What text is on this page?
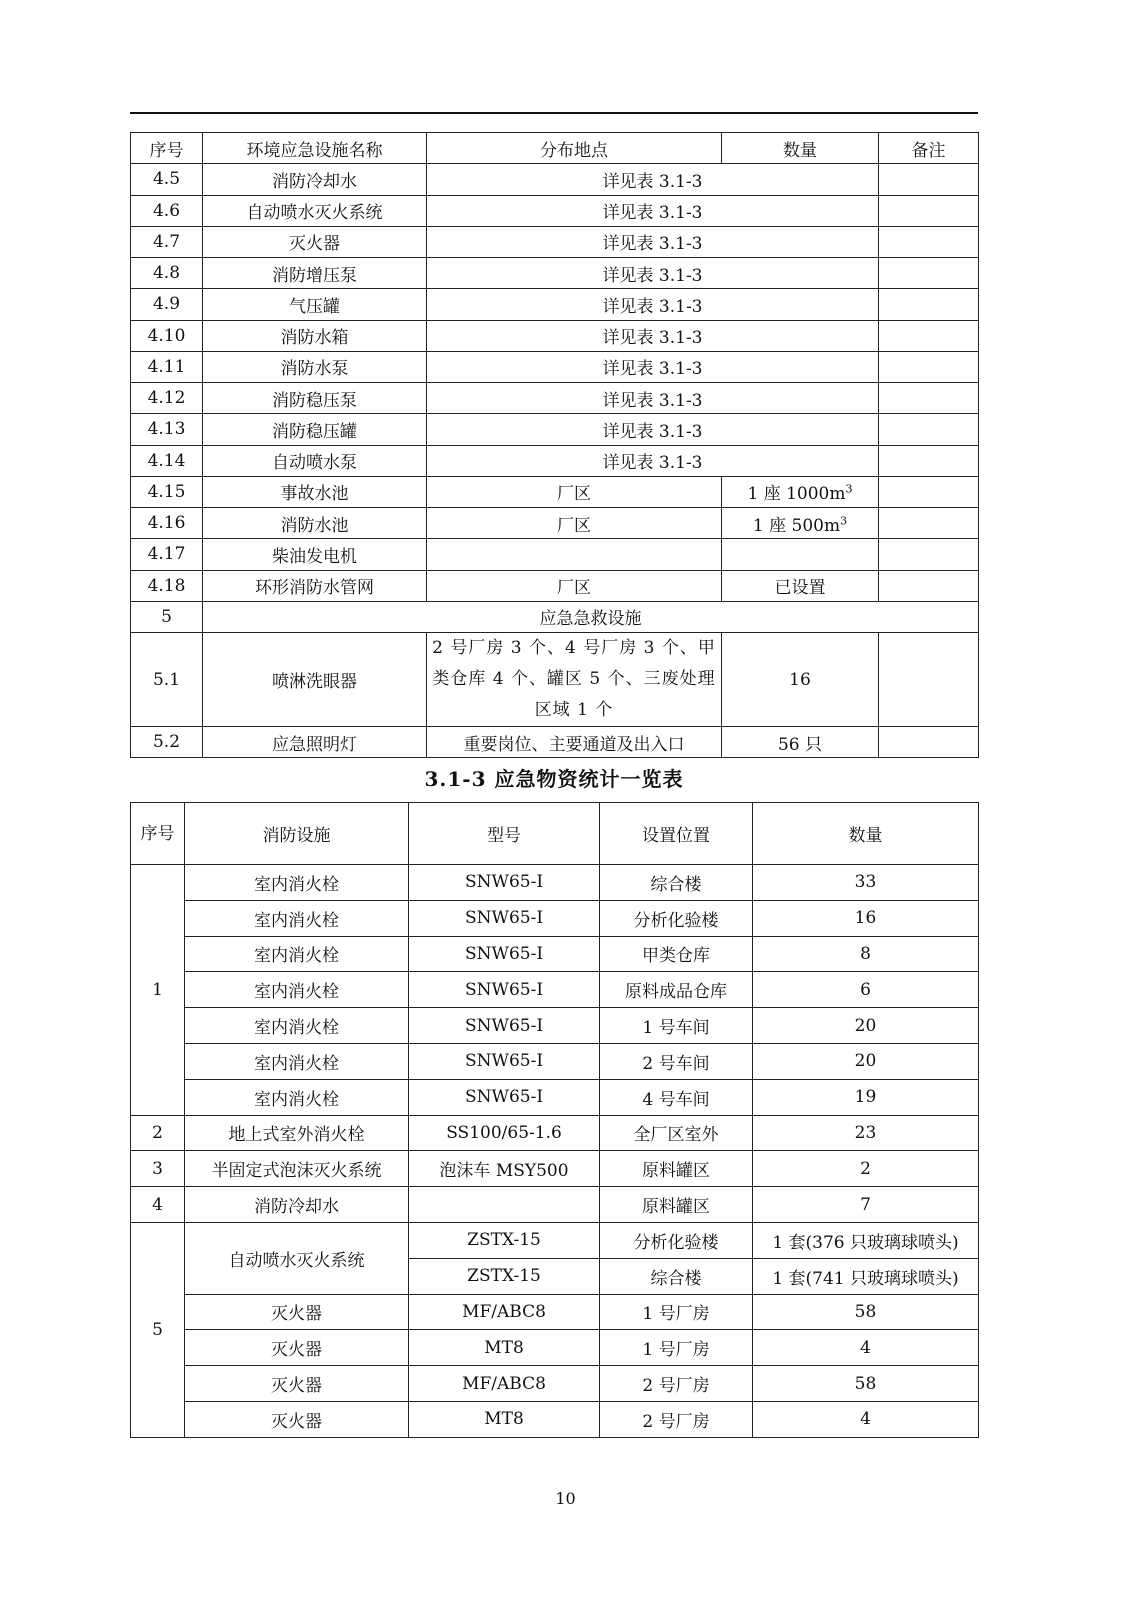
序号	环境应急设施名称	分布地点	数量	备注
4.5	消防冷却水	详见表 3.1-3		
4.6	自动喷水灭火系统	详见表 3.1-3		
4.7	灭火器	详见表 3.1-3		
4.8	消防增压泵	详见表 3.1-3		
4.9	气压罐	详见表 3.1-3		
4.10	消防水箱	详见表 3.1-3		
4.11	消防水泵	详见表 3.1-3		
4.12	消防稳压泵	详见表 3.1-3		
4.13	消防稳压罐	详见表 3.1-3		
4.14	自动喷水泵	详见表 3.1-3		
4.15	事故水池	厂区	1 座 $1000m^3$	
4.16	消防水池	厂区	1 座 $500m^3$	
4.17	柴油发电机			
4.18	环形消防水管网	厂区	已设置	
5	应急急救设施			
5.1	喷淋洗眼器	2 号厂房 3 个、4 号厂房 3 个、甲类仓库 4 个、罐区 5 个、三废处理区域 1 个	16	
5.2	应急照明灯	重要岗位、主要通道及出入口	56 只	
3.1-3 应急物资统计一览表
序号	消防设施	型号	设置位置	数量
1	室内消火栓	SNW65-I	综合楼	33
	室内消火栓	SNW65-I	分析化验楼	16
	室内消火栓	SNW65-I	甲类仓库	8
	室内消火栓	SNW65-I	原料成品仓库	6
	室内消火栓	SNW65-I	1 号车间	20
	室内消火栓	SNW65-I	2 号车间	20
	室内消火栓	SNW65-I	4 号车间	19
2	地上式室外消火栓	SS100/65-1.6	全厂区室外	23
3	半固定式泡沫灭火系统	泡沫车 MSY500	原料罐区	2
4	消防冷却水		原料罐区	7
5	自动喷水灭火系统	ZSTX-15	分析化验楼	1 套(376 只玻璃球喷头)
		ZSTX-15	综合楼	1 套(741 只玻璃球喷头)
	灭火器	MF/ABC8	1 号厂房	58
	灭火器	MT8	1 号厂房	4
	灭火器	MF/ABC8	2 号厂房	58
	灭火器	MT8	2 号厂房	4
10
